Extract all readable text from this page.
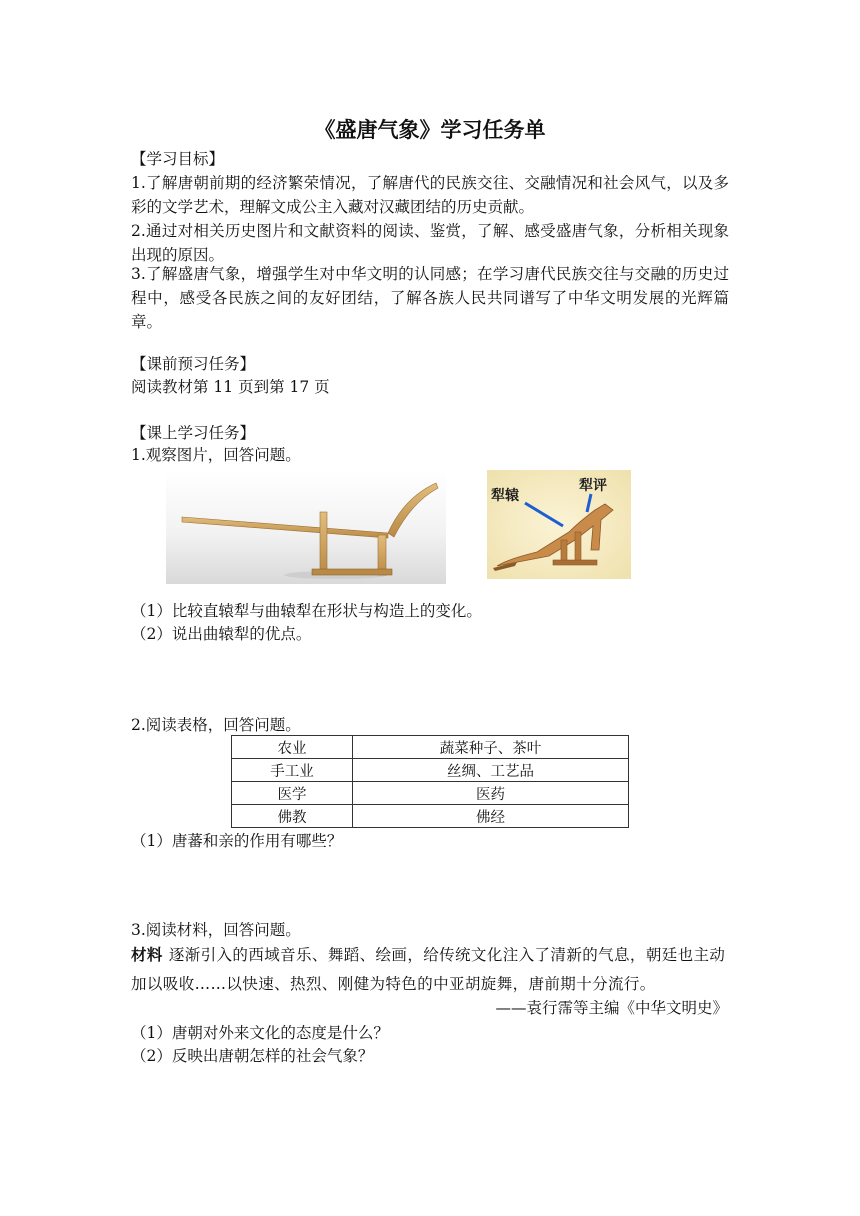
《盛唐气象》学习任务单
【学习目标】
1.了解唐朝前期的经济繁荣情况，了解唐代的民族交往、交融情况和社会风气，以及多彩的文学艺术，理解文成公主入藏对汉藏团结的历史贡献。
2.通过对相关历史图片和文献资料的阅读、鉴赏，了解、感受盛唐气象，分析相关现象出现的原因。
3.了解盛唐气象，增强学生对中华文明的认同感；在学习唐代民族交往与交融的历史过程中，感受各民族之间的友好团结，了解各族人民共同谱写了中华文明发展的光辉篇章。
【课前预习任务】
阅读教材第 11 页到第 17 页
【课上学习任务】
1.观察图片，回答问题。
犁辕
犁评
（1）比较直辕犁与曲辕犁在形状与构造上的变化。
（2）说出曲辕犁的优点。
2.阅读表格，回答问题。
农业	蔬菜种子、茶叶
手工业	丝绸、工艺品
医学	医药
佛教	佛经
（1）唐蕃和亲的作用有哪些？
3.阅读材料，回答问题。
材料 逐渐引入的西域音乐、舞蹈、绘画，给传统文化注入了清新的气息，朝廷也主动加以吸收……以快速、热烈、刚健为特色的中亚胡旋舞，唐前期十分流行。
——袁行霈等主编《中华文明史》
（1）唐朝对外来文化的态度是什么？
（2）反映出唐朝怎样的社会气象？
